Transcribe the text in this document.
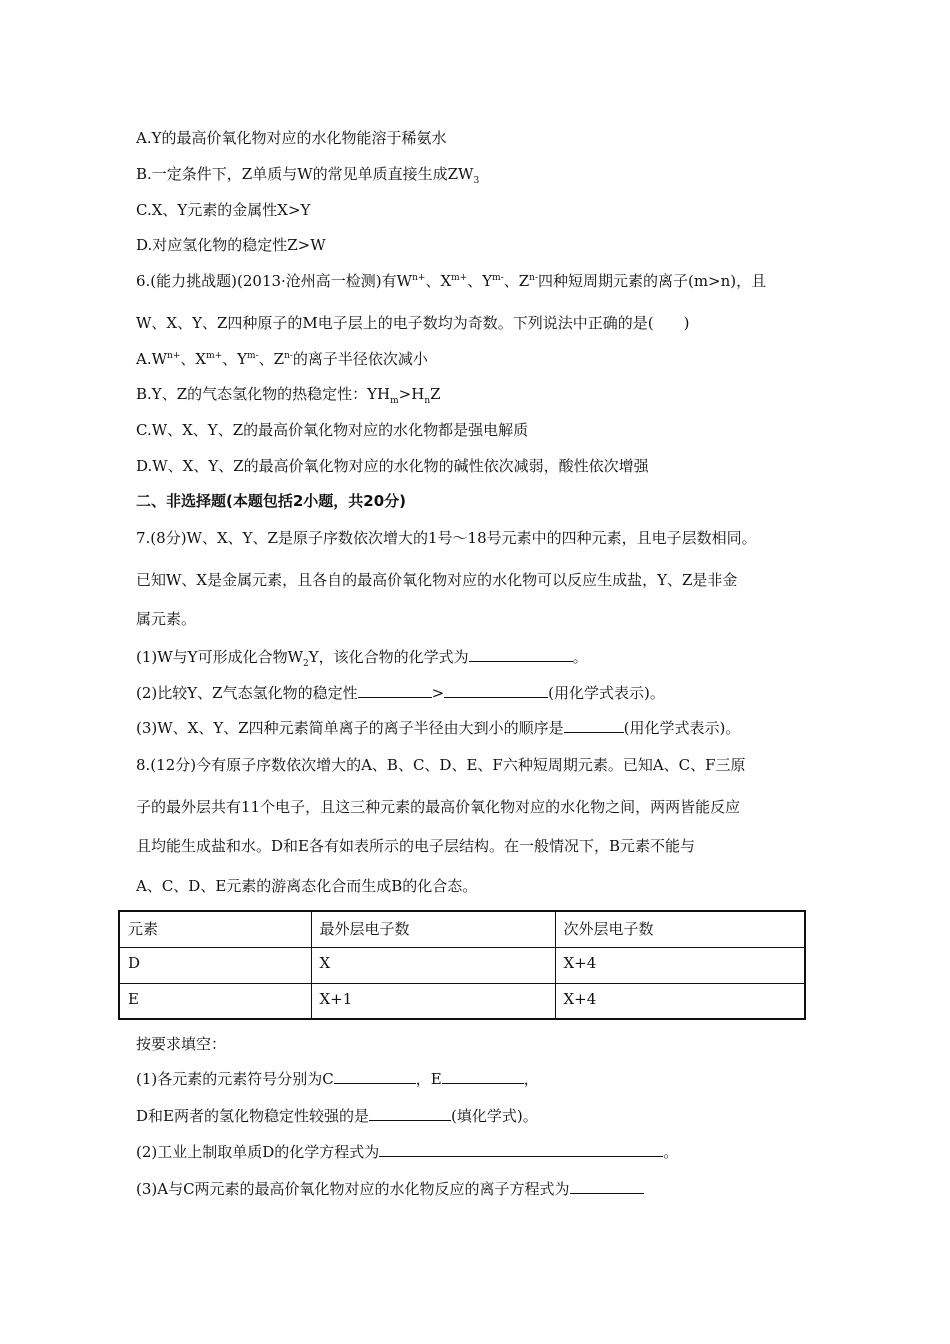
A.Y的最高价氧化物对应的水化物能溶于稀氨水
B.一定条件下，Z单质与W的常见单质直接生成$ZW_3$
C.X、Y元素的金属性X>Y
D.对应氢化物的稳定性Z>W
6.(能力挑战题)(2013·沧州高一检测)有$W^{n+}$、$X^{m+}$、$Y^{m-}$、$Z^{n-}$四种短周期元素的离子(m>n)，且
W、X、Y、Z四种原子的M电子层上的电子数均为奇数。下列说法中正确的是(　　)
$A.W^{n+}$、$X^{m+}$、$Y^{m-}$、$Z^{n-}$的离子半径依次减小
B.Y、Z的气态氢化物的热稳定性：$YH_m>H_nZ$
C.W、X、Y、Z的最高价氧化物对应的水化物都是强电解质
D.W、X、Y、Z的最高价氧化物对应的水化物的碱性依次减弱，酸性依次增强
二、非选择题(本题包括2小题，共20分)
7.(8分)W、X、Y、Z是原子序数依次增大的1号～18号元素中的四种元素，且电子层数相同。
已知W、X是金属元素，且各自的最高价氧化物对应的水化物可以反应生成盐，Y、Z是非金
属元素。
(1)W与Y可形成化合物$W_2Y$，该化合物的化学式为	。
(2)比较Y、Z气态氢化物的稳定性	>	(用化学式表示)。
(3)W、X、Y、Z四种元素简单离子的离子半径由大到小的顺序是	(用化学式表示)。
8.(12分)今有原子序数依次增大的A、B、C、D、E、F六种短周期元素。已知A、C、F三原
子的最外层共有11个电子，且这三种元素的最高价氧化物对应的水化物之间，两两皆能反应
且均能生成盐和水。D和E各有如表所示的电子层结构。在一般情况下，B元素不能与
A、C、D、E元素的游离态化合而生成B的化合态。
元素	最外层电子数	次外层电子数
D	X	X+4
E	X+1	X+4
按要求填空：
(1)各元素的元素符号分别为C	，E	，
D和E两者的氢化物稳定性较强的是	(填化学式)。
(2)工业上制取单质D的化学方程式为	。
(3)A与C两元素的最高价氧化物对应的水化物反应的离子方程式为
